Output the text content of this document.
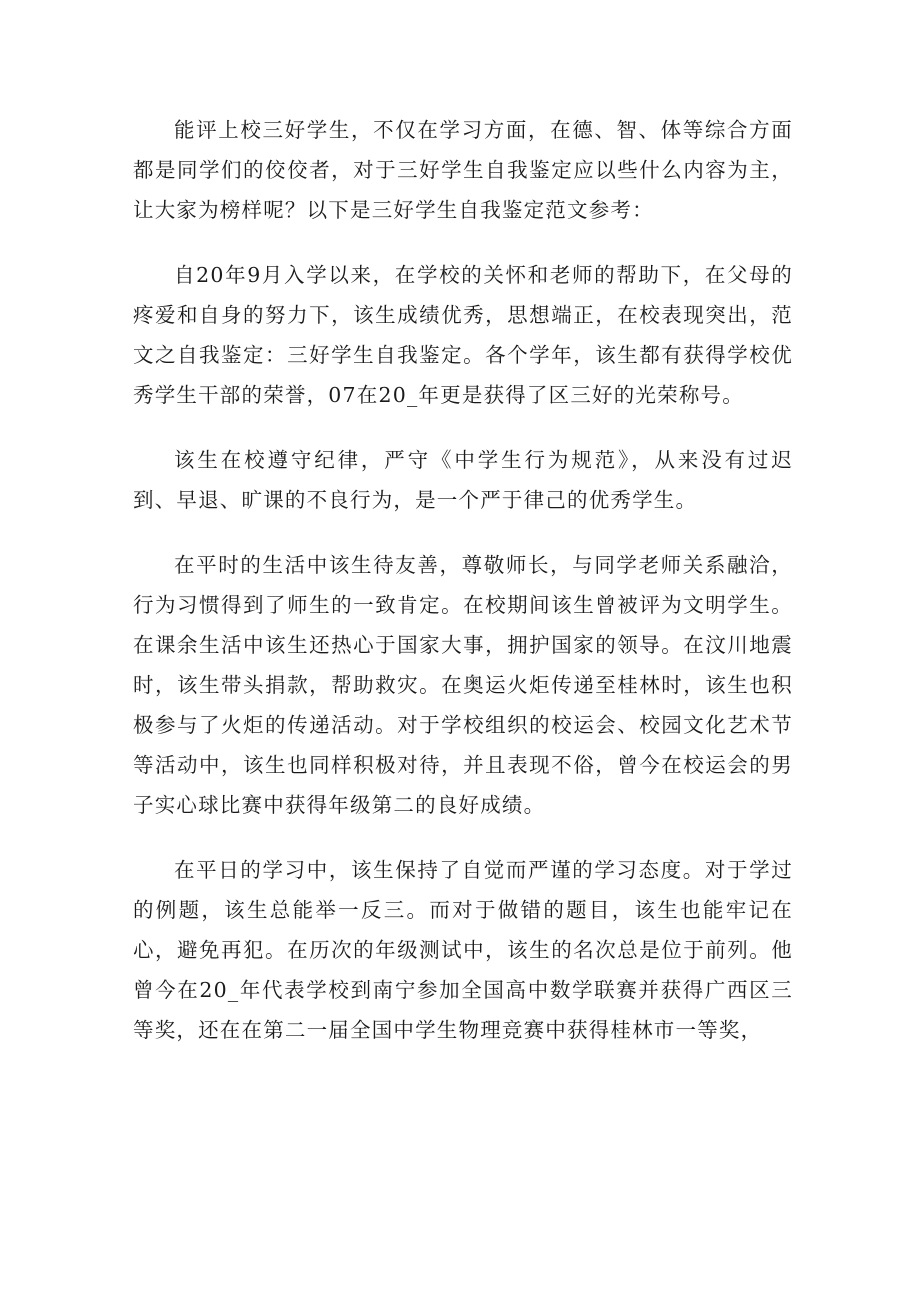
能评上校三好学生，不仅在学习方面，在德、智、体等综合方面都是同学们的佼佼者，对于三好学生自我鉴定应以些什么内容为主，让大家为榜样呢？以下是三好学生自我鉴定范文参考：

自20年9月入学以来，在学校的关怀和老师的帮助下，在父母的疼爱和自身的努力下，该生成绩优秀，思想端正，在校表现突出，范文之自我鉴定：三好学生自我鉴定。各个学年，该生都有获得学校优秀学生干部的荣誉，07在20_年更是获得了区三好的光荣称号。

该生在校遵守纪律，严守《中学生行为规范》，从来没有过迟到、早退、旷课的不良行为，是一个严于律己的优秀学生。

在平时的生活中该生待友善，尊敬师长，与同学老师关系融洽，行为习惯得到了师生的一致肯定。在校期间该生曾被评为文明学生。在课余生活中该生还热心于国家大事，拥护国家的领导。在汶川地震时，该生带头捐款，帮助救灾。在奥运火炬传递至桂林时，该生也积极参与了火炬的传递活动。对于学校组织的校运会、校园文化艺术节等活动中，该生也同样积极对待，并且表现不俗，曾今在校运会的男子实心球比赛中获得年级第二的良好成绩。

在平日的学习中，该生保持了自觉而严谨的学习态度。对于学过的例题，该生总能举一反三。而对于做错的题目，该生也能牢记在心，避免再犯。在历次的年级测试中，该生的名次总是位于前列。他曾今在20_年代表学校到南宁参加全国高中数学联赛并获得广西区三等奖，还在在第二一届全国中学生物理竞赛中获得桂林市一等奖，
